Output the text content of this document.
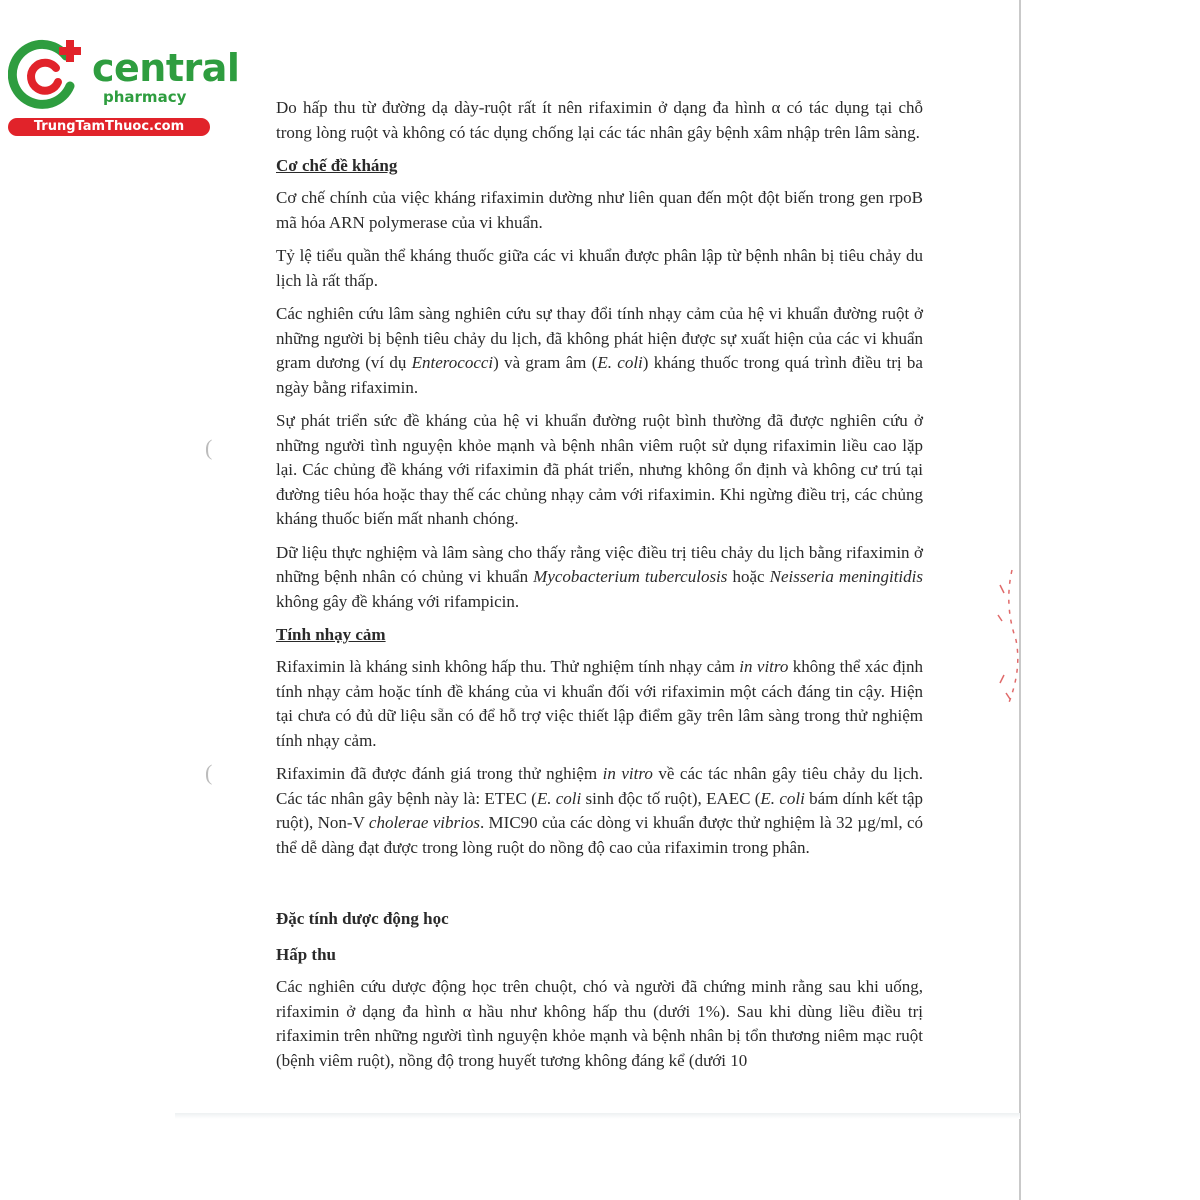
central
pharmacy
TrungTamThuoc.com

Do hấp thu từ đường dạ dày-ruột rất ít nên rifaximin ở dạng đa hình α có tác dụng tại chỗ trong lòng ruột và không có tác dụng chống lại các tác nhân gây bệnh xâm nhập trên lâm sàng.

Cơ chế đề kháng

Cơ chế chính của việc kháng rifaximin dường như liên quan đến một đột biến trong gen rpoB mã hóa ARN polymerase của vi khuẩn.

Tỷ lệ tiểu quần thể kháng thuốc giữa các vi khuẩn được phân lập từ bệnh nhân bị tiêu chảy du lịch là rất thấp.

Các nghiên cứu lâm sàng nghiên cứu sự thay đổi tính nhạy cảm của hệ vi khuẩn đường ruột ở những người bị bệnh tiêu chảy du lịch, đã không phát hiện được sự xuất hiện của các vi khuẩn gram dương (ví dụ Enterococci) và gram âm (E. coli) kháng thuốc trong quá trình điều trị ba ngày bằng rifaximin.

Sự phát triển sức đề kháng của hệ vi khuẩn đường ruột bình thường đã được nghiên cứu ở những người tình nguyện khỏe mạnh và bệnh nhân viêm ruột sử dụng rifaximin liều cao lặp lại. Các chủng đề kháng với rifaximin đã phát triển, nhưng không ổn định và không cư trú tại đường tiêu hóa hoặc thay thế các chủng nhạy cảm với rifaximin. Khi ngừng điều trị, các chủng kháng thuốc biến mất nhanh chóng.

Dữ liệu thực nghiệm và lâm sàng cho thấy rằng việc điều trị tiêu chảy du lịch bằng rifaximin ở những bệnh nhân có chủng vi khuẩn Mycobacterium tuberculosis hoặc Neisseria meningitidis không gây đề kháng với rifampicin.

Tính nhạy cảm

Rifaximin là kháng sinh không hấp thu. Thử nghiệm tính nhạy cảm in vitro không thể xác định tính nhạy cảm hoặc tính đề kháng của vi khuẩn đối với rifaximin một cách đáng tin cậy. Hiện tại chưa có đủ dữ liệu sẵn có để hỗ trợ việc thiết lập điểm gãy trên lâm sàng trong thử nghiệm tính nhạy cảm.

Rifaximin đã được đánh giá trong thử nghiệm in vitro về các tác nhân gây tiêu chảy du lịch. Các tác nhân gây bệnh này là: ETEC (E. coli sinh độc tố ruột), EAEC (E. coli bám dính kết tập ruột), Non-V cholerae vibrios. MIC90 của các dòng vi khuẩn được thử nghiệm là 32 µg/ml, có thể dễ dàng đạt được trong lòng ruột do nồng độ cao của rifaximin trong phân.

Đặc tính dược động học
Hấp thu

Các nghiên cứu dược động học trên chuột, chó và người đã chứng minh rằng sau khi uống, rifaximin ở dạng đa hình α hầu như không hấp thu (dưới 1%). Sau khi dùng liều điều trị rifaximin trên những người tình nguyện khỏe mạnh và bệnh nhân bị tổn thương niêm mạc ruột (bệnh viêm ruột), nồng độ trong huyết tương không đáng kể (dưới 10

(
(
